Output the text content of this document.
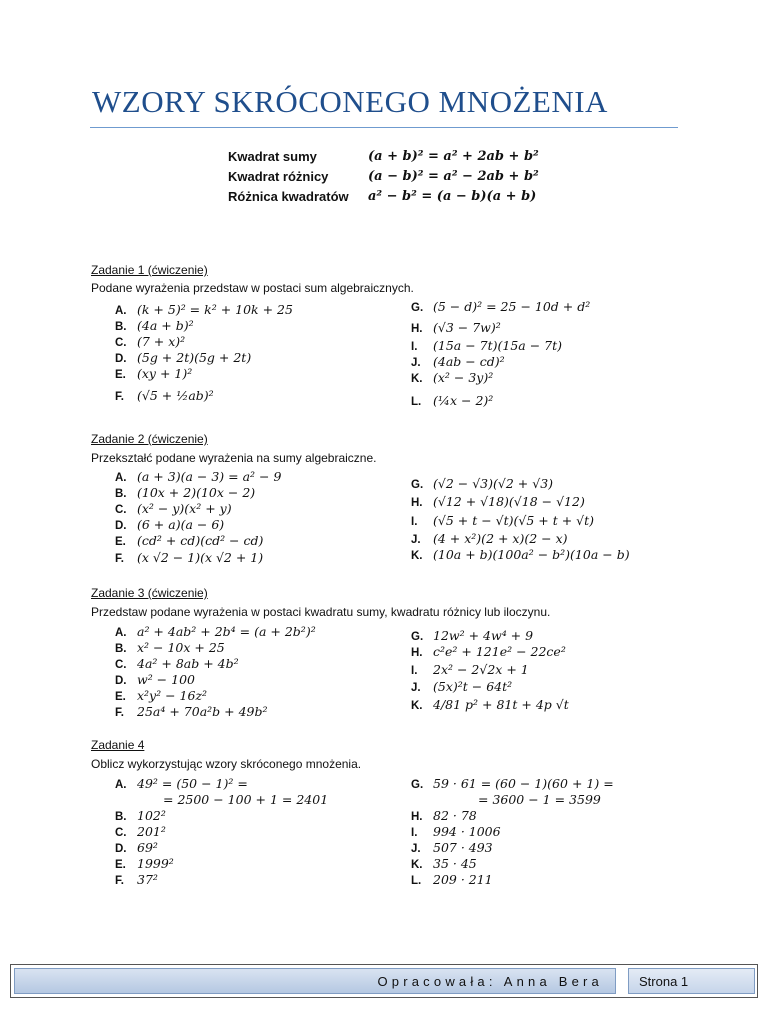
WZORY SKRÓCONEGO MNOŻENIA
Kwadrat sumy	(a + b)² = a² + 2ab + b²
Kwadrat różnicy	(a − b)² = a² − 2ab + b²
Różnica kwadratów	a² − b² = (a − b)(a + b)
Zadanie 1 (ćwiczenie)
Podane wyrażenia przedstaw w postaci sum algebraicznych.
A. (k + 5)² = k² + 10k + 25
B. (4a + b)²
C. (7 + x)²
D. (5g + 2t)(5g + 2t)
E. (xy + 1)²
F.	(√5 + ½ab)²
G. (5 − d)² = 25 − 10d + d²
H. (√3 − 7w)²
I.	(15a − 7t)(15a − 7t)
J. (4ab − cd)²
K. (x² − 3y)²
L. (¼x − 2)²
Zadanie 2 (ćwiczenie)
Przekształć podane wyrażenia na sumy algebraiczne.
A. (a + 3)(a − 3) = a² − 9
B. (10x + 2)(10x − 2)
C. (x² − y)(x² + y)
D. (6 + a)(a − 6)
E. (cd² + cd)(cd² − cd)
F.	(x √2 − 1)(x √2 + 1)
G. (√2 − √3)(√2 + √3)
H. (√12 + √18)(√18 − √12)
I.	(√5 + t − √t)(√5 + t + √t)
J. (4 + x²)(2 + x)(2 − x)
K. (10a + b)(100a² − b²)(10a − b)
Zadanie 3 (ćwiczenie)
Przedstaw podane wyrażenia w postaci kwadratu sumy, kwadratu różnicy lub iloczynu.
A. a² + 4ab² + 2b⁴ = (a + 2b²)²
B. x² − 10x + 25
C. 4a² + 8ab + 4b²
D. w² − 100
E. x²y² − 16z²
F.	25a⁴ + 70a²b + 49b²
G. 12w² + 4w⁴ + 9
H. c²e² + 121e² − 22ce²
I.	2x² − 2√2x + 1
J. (5x)²t − 64t²
K. 4/81 p² + 81t + 4p √t
Zadanie 4
Oblicz wykorzystując wzory skróconego mnożenia.
A. 49² = (50 − 1)² =
= 2500 − 100 + 1 = 2401
B. 102²
C. 201²
D. 69²
E. 1999²
F.	37²
G. 59 · 61 = (60 − 1)(60 + 1) =
= 3600 − 1 = 3599
H. 82 · 78
I.	994 · 1006
J. 507 · 493
K. 35 · 45
L. 209 · 211
Opracowała: Anna Bera	Strona 1
